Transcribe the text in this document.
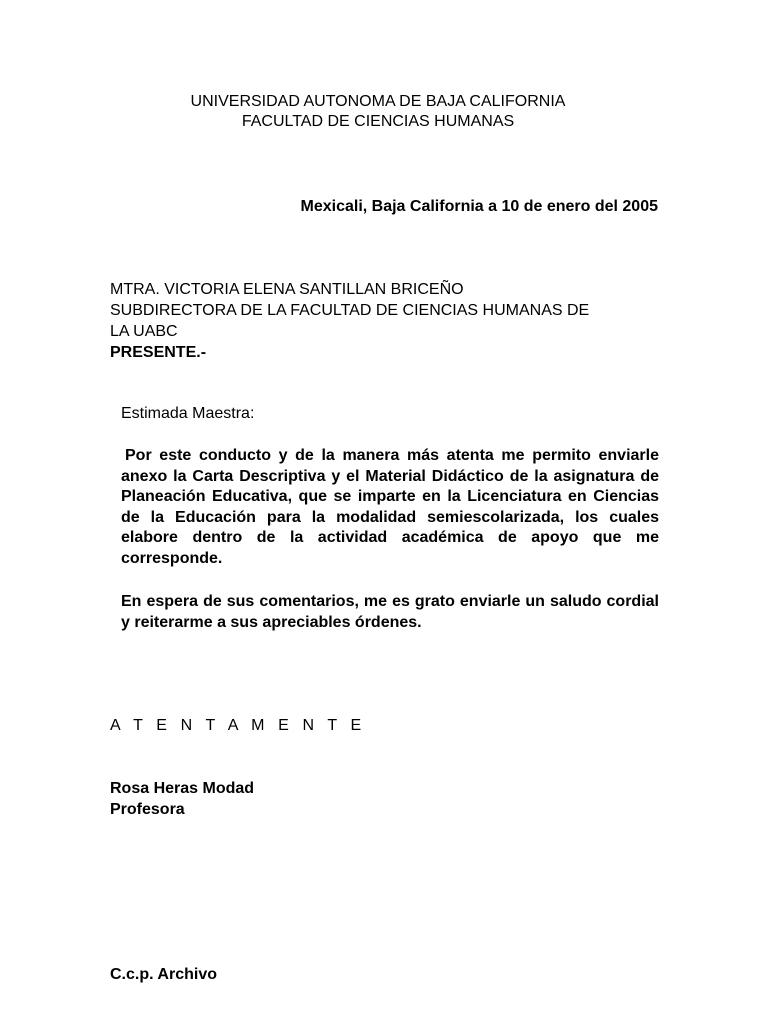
UNIVERSIDAD AUTONOMA DE BAJA CALIFORNIA
FACULTAD DE CIENCIAS HUMANAS
Mexicali, Baja California a 10 de enero del 2005
MTRA. VICTORIA ELENA SANTILLAN BRICEÑO
SUBDIRECTORA DE LA FACULTAD DE CIENCIAS HUMANAS DE
LA UABC
PRESENTE.-
Estimada Maestra:
Por este conducto y de la manera más atenta me permito enviarle anexo la Carta Descriptiva y el Material Didáctico de la asignatura de Planeación Educativa, que se imparte en la Licenciatura en Ciencias de la Educación para la modalidad semiescolarizada, los cuales elabore dentro de la actividad académica de apoyo que me corresponde.
En espera de sus comentarios, me es grato enviarle un saludo cordial y reiterarme a sus apreciables órdenes.
A T E N T A M E N T E
Rosa Heras Modad
Profesora
C.c.p. Archivo
